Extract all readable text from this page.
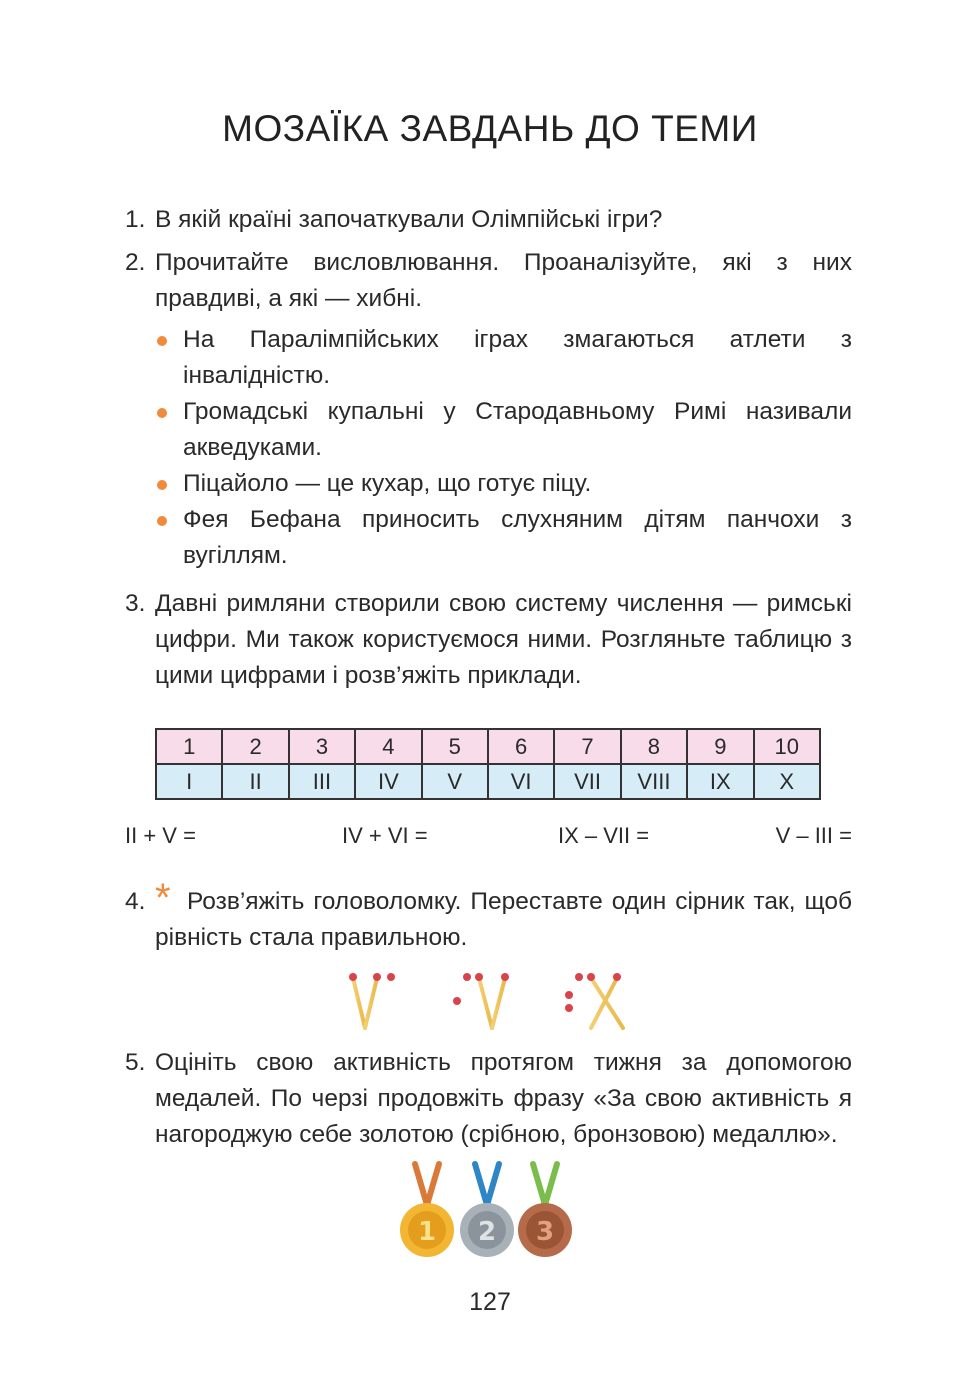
МОЗАЇКА ЗАВДАНЬ ДО ТЕМИ
1. В якій країні започаткували Олімпійські ігри?
2. Прочитайте висловлювання. Проаналізуйте, які з них правдиві, а які — хибні.
На Паралімпійських іграх змагаються атлети з інвалідністю.
Громадські купальні у Стародавньому Римі називали акведуками.
Піцайоло — це кухар, що готує піцу.
Фея Бефана приносить слухняним дітям панчохи з вугіллям.
3. Давні римляни створили свою систему числення — римські цифри. Ми також користуємося ними. Розгляньте таблицю з цими цифрами і розв’яжіть приклади.
1	2	3	4	5	6	7	8	9	10
I	II	III	IV	V	VI	VII	VIII	IX	X
II + V =	IV + VI =	IX – VII =	V – III =
4. * Розв’яжіть головоломку. Переставте один сірник так, щоб рівність стала правильною.
5. Оцініть свою активність протягом тижня за допомогою медалей. По черзі продовжіть фразу «За свою активність я нагороджую себе золотою (срібною, бронзовою) медаллю».
1 2 3
127
